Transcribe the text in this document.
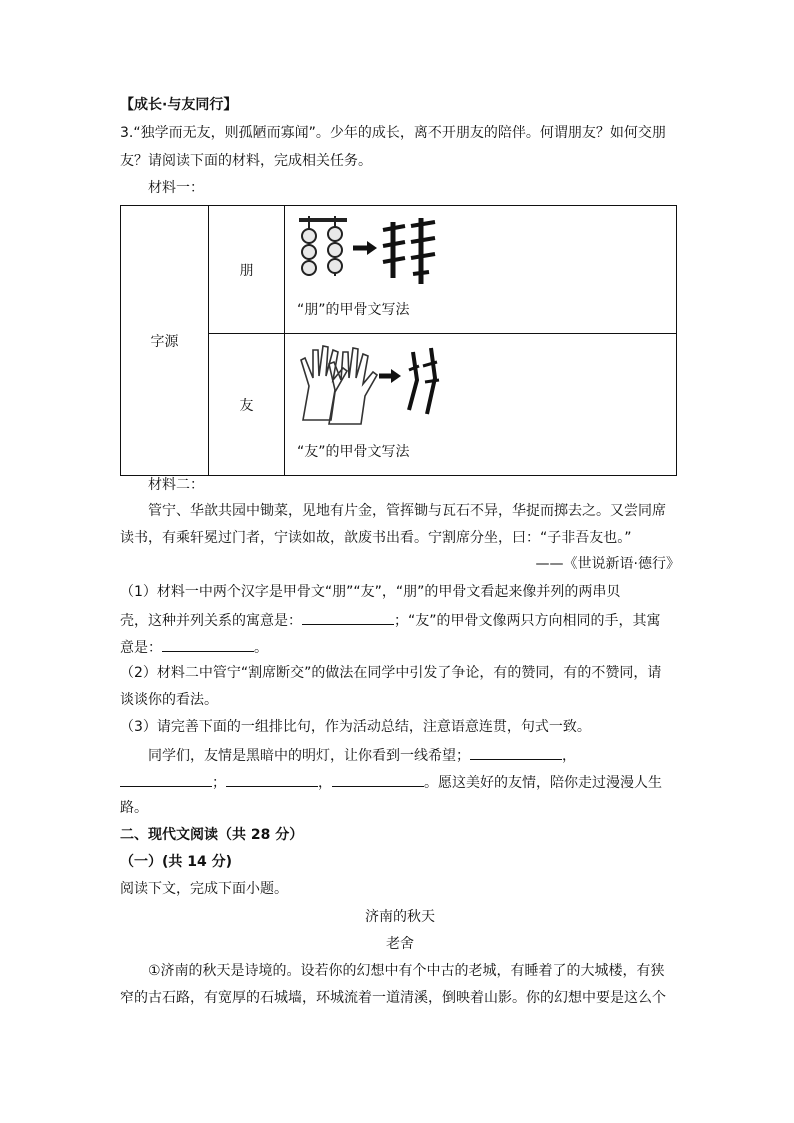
【成长·与友同行】
3.“独学而无友，则孤陋而寡闻”。少年的成长，离不开朋友的陪伴。何谓朋友？如何交朋
友？请阅读下面的材料，完成相关任务。
材料一：
字源	朋	“朋”的甲骨文写法

	友	“友”的甲骨文写法
材料二：
管宁、华歆共园中锄菜，见地有片金，管挥锄与瓦石不异，华捉而掷去之。又尝同席
读书，有乘轩冕过门者，宁读如故，歆废书出看。宁割席分坐，曰：“子非吾友也。”
——《世说新语·德行》
（1）材料一中两个汉字是甲骨文“朋”“友”，“朋”的甲骨文看起来像并列的两串贝
壳，这种并列关系的寓意是：	；“友”的甲骨文像两只方向相同的手，其寓
意是：	。
（2）材料二中管宁“割席断交”的做法在同学中引发了争论，有的赞同，有的不赞同，请
谈谈你的看法。
（3）请完善下面的一组排比句，作为活动总结，注意语意连贯，句式一致。
同学们，友情是黑暗中的明灯，让你看到一线希望；	，
；	，	。愿这美好的友情，陪你走过漫漫人生
路。
二、现代文阅读（共 28 分）
（一）(共 14 分)
阅读下文，完成下面小题。
济南的秋天
老舍
①济南的秋天是诗境的。设若你的幻想中有个中古的老城，有睡着了的大城楼，有狭
窄的古石路，有宽厚的石城墙，环城流着一道清溪，倒映着山影。你的幻想中要是这么个
